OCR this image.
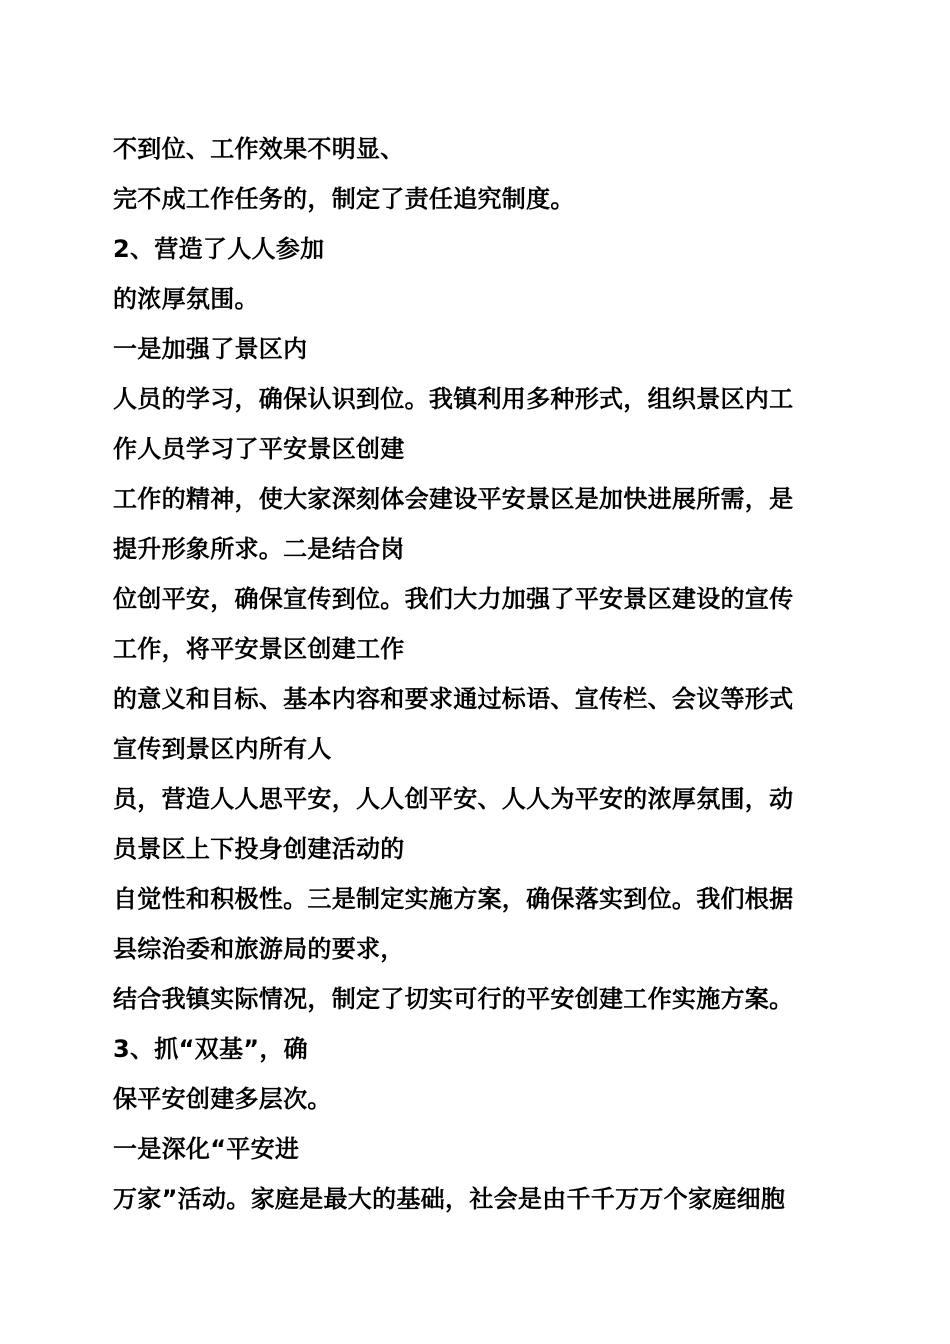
不到位、工作效果不明显、
完不成工作任务的，制定了责任追究制度。
2、营造了人人参加
的浓厚氛围。
一是加强了景区内
人员的学习，确保认识到位。我镇利用多种形式，组织景区内工
作人员学习了平安景区创建
工作的精神，使大家深刻体会建设平安景区是加快进展所需，是
提升形象所求。二是结合岗
位创平安，确保宣传到位。我们大力加强了平安景区建设的宣传
工作，将平安景区创建工作
的意义和目标、基本内容和要求通过标语、宣传栏、会议等形式
宣传到景区内所有人
员，营造人人思平安，人人创平安、人人为平安的浓厚氛围，动
员景区上下投身创建活动的
自觉性和积极性。三是制定实施方案，确保落实到位。我们根据
县综治委和旅游局的要求，
结合我镇实际情况，制定了切实可行的平安创建工作实施方案。
3、抓“双基”，确
保平安创建多层次。
一是深化“平安进
万家”活动。家庭是最大的基础，社会是由千千万万个家庭细胞
